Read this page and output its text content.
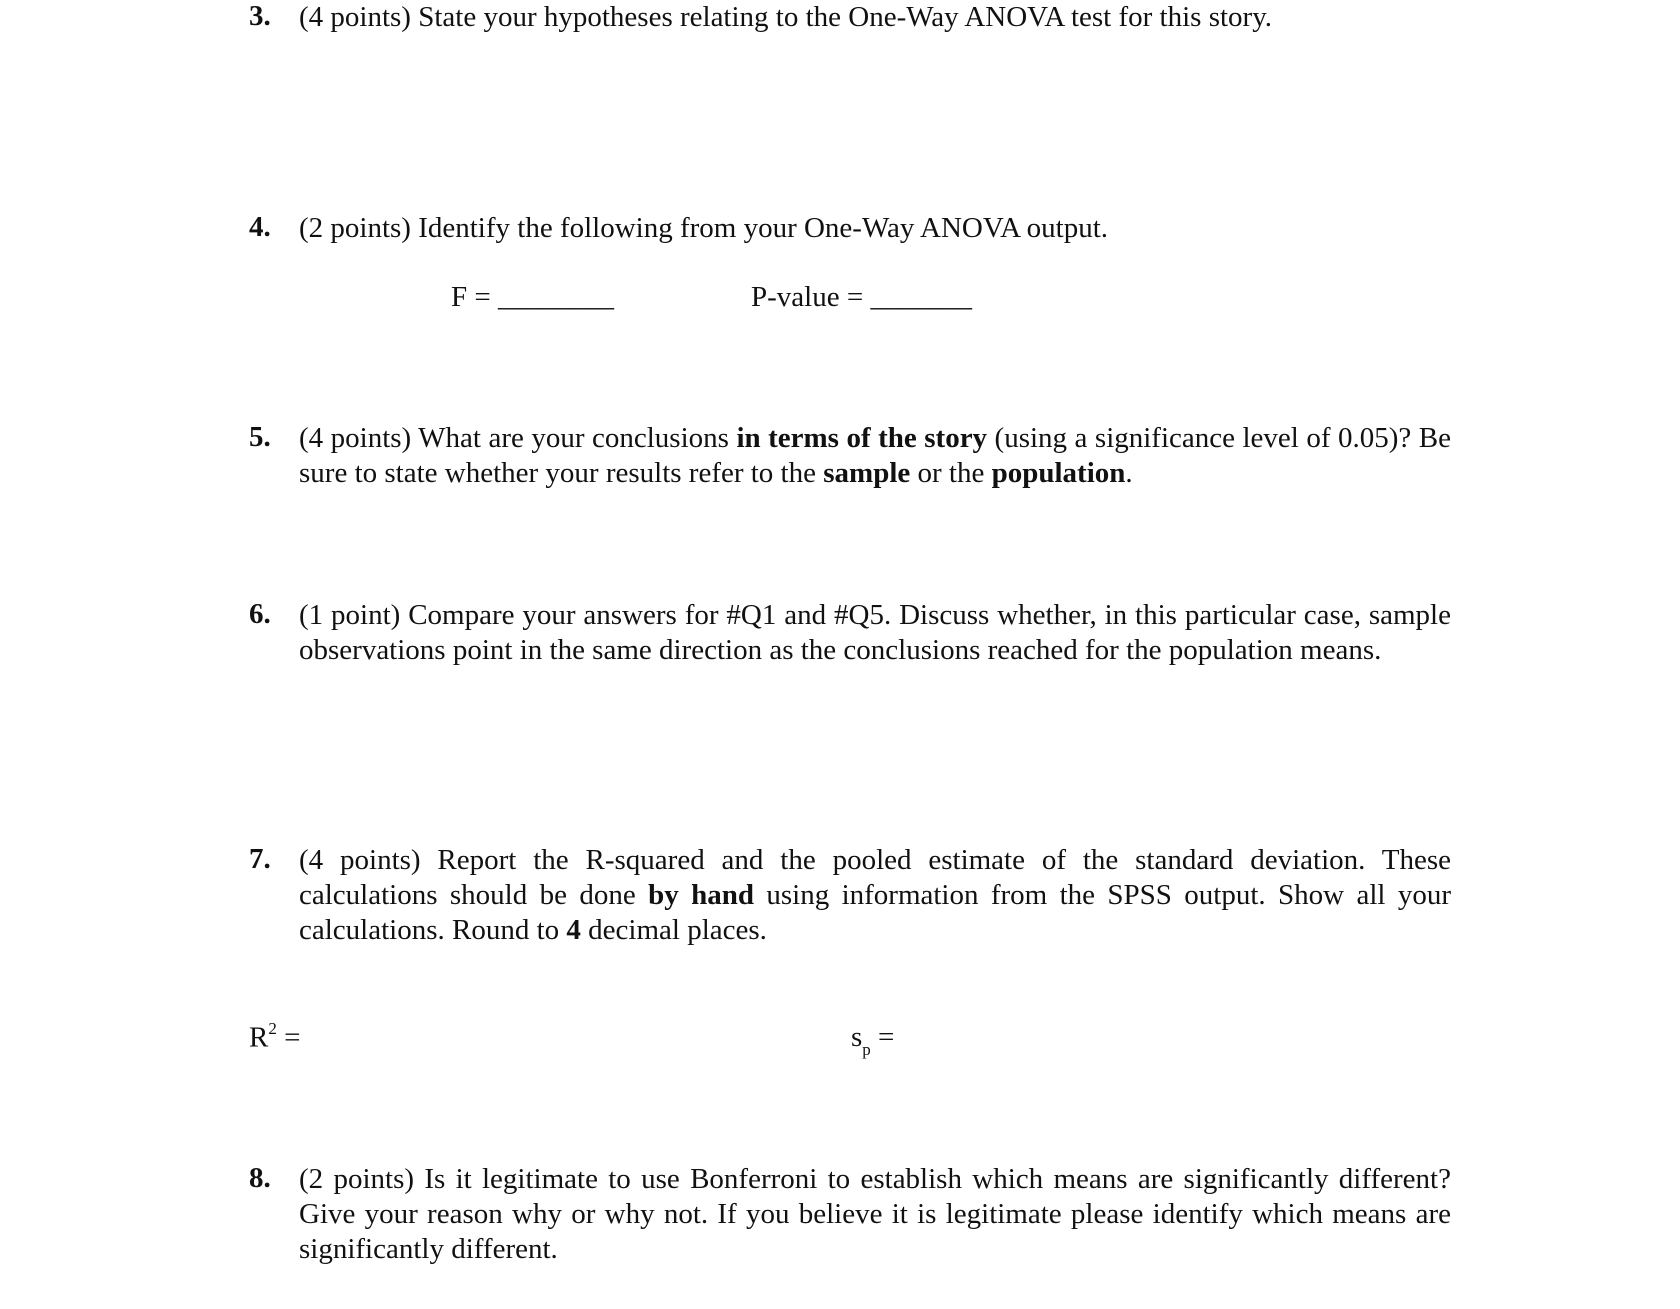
3. (4 points) State your hypotheses relating to the One-Way ANOVA test for this story.
4. (2 points) Identify the following from your One-Way ANOVA output.
F = ________	P-value = _______
5. (4 points) What are your conclusions in terms of the story (using a significance level of 0.05)? Be sure to state whether your results refer to the sample or the population.
6. (1 point) Compare your answers for #Q1 and #Q5. Discuss whether, in this particular case, sample observations point in the same direction as the conclusions reached for the population means.
7. (4 points) Report the R-squared and the pooled estimate of the standard deviation. These calculations should be done by hand using information from the SPSS output. Show all your calculations. Round to 4 decimal places.
$R^2$ =	$s_p$ =
8. (2 points) Is it legitimate to use Bonferroni to establish which means are significantly different? Give your reason why or why not. If you believe it is legitimate please identify which means are significantly different.
